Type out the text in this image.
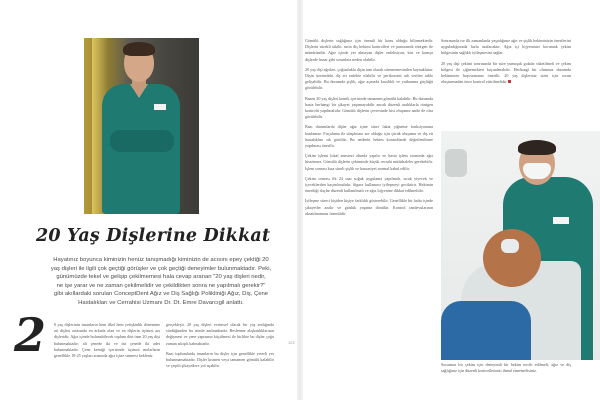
20 Yaş Dişlerine Dikkat
Hayatınız boyunca kiminizin henüz tanışmadığı kiminizin de acısını epey çektiği 20
yaş dişleri ile ilgili çok geçtiği görüşler ve çok geçtiği deneyimler bulunmaktadır. Peki,
günümüzde tekel ve gelişip çekilmemesi hala cevap aranan "20 yaş dişleri nedir,
ne işe yarar ve ne zaman çekilmelidir ve çekildikten sonra ne yapılmalı gerekir?"
gibi akıllardaki soruları ConceptDent Ağız ve Diş Sağlığı Polikliniği Ağız, Diş, Çene
Hastalıkları ve Cerrahisi Uzmanı Dr. Dt. Emre Davarcıgil anlattı.
2 0 yaş dişlerinin insanların hem ilkel hem yetişkinlik dönemine ait dişleri ortasında en arkada olan ve en dişlerin üçüncü azı dişleridir. Ağız içinde bulunabilecek toplam dört tane 20 yaş dişi bulunmaktadır; alt çenede iki ve üst çenede iki adet bulunmaktadır. Çene kemiği içerisinde üçüncü molarların genellikle 18-25 yaşları arasında ağız içine sürmesi beklenir.

gerçekleşir. 20 yaş dişleri evrimsel olarak bir yaş aralığında sürdüğünden bu isimle anılmaktadır. Beslenme alışkanlıklarının değişmesi ve çene yapısının küçülmesi ile birlikte bu dişler çoğu zaman sıkışık kalmaktadır.

Bazı toplumlarda insanların bu dişler için genellikle yeterli yer bulunmamaktadır. Dişler kısmen veya tamamen gömülü kalabilir ve çeşitli şikayetlere yol açabilir.

122

Gömülü dişlerin sağlığınız için önemli bir konu olduğu bilinmektedir. Dişlerin sürekli takibi, rutin diş hekimi kontrolleri ve panoramik röntgen ile mümkündür. Ağız içinde yer almayan dişler enfeksiyon, kist ve komşu dişlerde hasar gibi sorunlara neden olabilir.

20 yaş dişi ağrıları, çoğunlukla dişin tam olarak sürememesinden kaynaklanır. Dişin üzerindeki diş eti enfekte olabilir ve perikoronit adı verilen tablo gelişebilir. Bu durumda şişlik, ağız açmada kısıtlılık ve yutkunma güçlüğü görülebilir.

Bazen 20 yaş dişleri kemik içerisinde tamamen gömülü kalabilir. Bu durumda hasta herhangi bir şikayet yaşamayabilir ancak düzenli aralıklarla röntgen kontrolü yapılmalıdır. Gömülü dişlerin çevresinde kist oluşumu nadir de olsa görülebilir.

Bazı durumlarda dişler ağız içine sürer fakat çiğneme fonksiyonuna katılamaz. Fırçalama ile ulaşılması zor olduğu için çürük oluşumu ve diş eti hastalıkları sık görülür. Bu nedenle hekim kontrolünde değerlendirme yapılması önerilir.

Çekim işlemi lokal anestezi altında yapılır ve hasta işlem sırasında ağrı hissetmez. Gömülü dişlerin çekiminde küçük cerrahi müdahaleler gerekebilir. İşlem sonrası kısa süreli şişlik ve hassasiyet normal kabul edilir.

Çekim sonrası ilk 24 saat soğuk uygulama yapılmalı, sıcak yiyecek ve içeceklerden kaçınılmalıdır. Sigara kullanımı iyileşmeyi geciktirir. Hekimin önerdiği ilaçlar düzenli kullanılmalı ve ağız hijyenine dikkat edilmelidir.

İyileşme süreci kişiden kişiye farklılık gösterebilir. Genellikle bir hafta içinde şikayetler azalır ve günlük yaşama dönülür. Kontrol randevularının aksatılmaması önemlidir.

Sonrasında ise ilk zamanlarda yaşadığınız ağrı ve şişlik hekiminizin önerilerini uyguladığınızda hızla azalacaktır. Ağız içi hijyeninizi korumak çekim bölgesinin sağlıklı iyileşmesini sağlar.

20 yaş dişi çekimi sonrasında bir süre yumuşak gıdalar tüketilmeli ve çekim bölgesi ile çiğnemekten kaçınılmalıdır. Herhangi bir olumsuz durumda hekiminize başvurmanız önerilir. 20 yaş dişleriniz sizin için sorun oluşturmadan önce kontrol ettirilmelidir.

Sorunsuz bir çekim için deneyimli bir hekim tercih edilmeli, ağız ve diş sağlığınız için düzenli kontrollerinizi ihmal etmemelisiniz.
